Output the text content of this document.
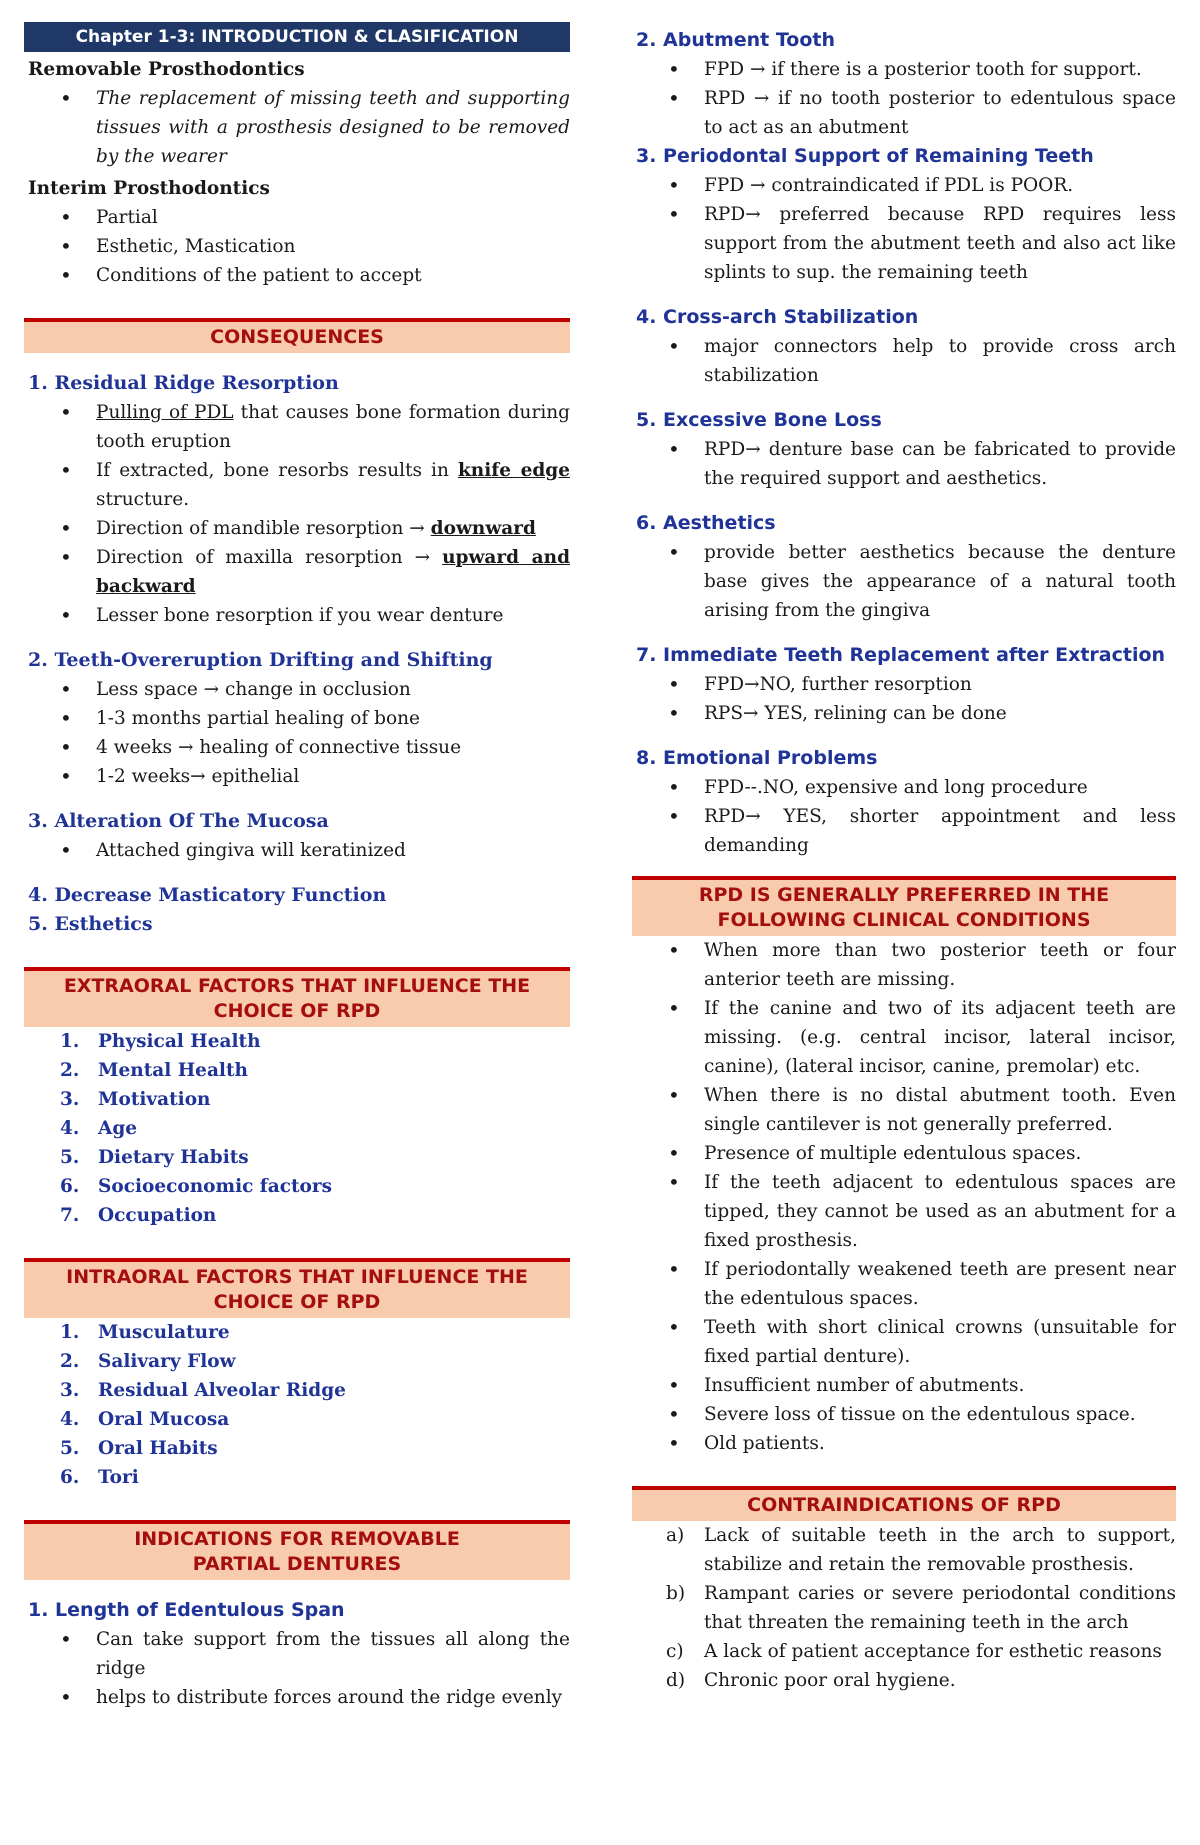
Chapter 1-3: INTRODUCTION & CLASIFICATION
Removable Prosthodontics
• The replacement of missing teeth and supporting tissues with a prosthesis designed to be removed by the wearer
Interim Prosthodontics
• Partial
• Esthetic, Mastication
• Conditions of the patient to accept
CONSEQUENCES
1. Residual Ridge Resorption
• Pulling of PDL that causes bone formation during tooth eruption
• If extracted, bone resorbs results in knife edge structure.
• Direction of mandible resorption → downward
• Direction of maxilla resorption → upward and backward
• Lesser bone resorption if you wear denture
2. Teeth-Overeruption Drifting and Shifting
• Less space → change in occlusion
• 1-3 months partial healing of bone
• 4 weeks → healing of connective tissue
• 1-2 weeks→ epithelial
3. Alteration Of The Mucosa
• Attached gingiva will keratinized
4. Decrease Masticatory Function
5. Esthetics
EXTRAORAL FACTORS THAT INFLUENCE THE CHOICE OF RPD
1. Physical Health
2. Mental Health
3. Motivation
4. Age
5. Dietary Habits
6. Socioeconomic factors
7. Occupation
INTRAORAL FACTORS THAT INFLUENCE THE CHOICE OF RPD
1. Musculature
2. Salivary Flow
3. Residual Alveolar Ridge
4. Oral Mucosa
5. Oral Habits
6. Tori
INDICATIONS FOR REMOVABLE
PARTIAL DENTURES
1. Length of Edentulous Span
• Can take support from the tissues all along the ridge
• helps to distribute forces around the ridge evenly
2. Abutment Tooth
• FPD → if there is a posterior tooth for support.
• RPD → if no tooth posterior to edentulous space to act as an abutment
3. Periodontal Support of Remaining Teeth
• FPD → contraindicated if PDL is POOR.
• RPD→ preferred because RPD requires less support from the abutment teeth and also act like splints to sup. the remaining teeth
4. Cross-arch Stabilization
• major connectors help to provide cross arch stabilization
5. Excessive Bone Loss
• RPD→ denture base can be fabricated to provide the required support and aesthetics.
6. Aesthetics
• provide better aesthetics because the denture base gives the appearance of a natural tooth arising from the gingiva
7. Immediate Teeth Replacement after Extraction
• FPD→NO, further resorption
• RPS→ YES, relining can be done
8. Emotional Problems
• FPD--.NO, expensive and long procedure
• RPD→ YES, shorter appointment and less demanding
RPD IS GENERALLY PREFERRED IN THE
FOLLOWING CLINICAL CONDITIONS
• When more than two posterior teeth or four anterior teeth are missing.
• If the canine and two of its adjacent teeth are missing. (e.g. central incisor, lateral incisor, canine), (lateral incisor, canine, premolar) etc.
• When there is no distal abutment tooth. Even single cantilever is not generally preferred.
• Presence of multiple edentulous spaces.
• If the teeth adjacent to edentulous spaces are tipped, they cannot be used as an abutment for a fixed prosthesis.
• If periodontally weakened teeth are present near the edentulous spaces.
• Teeth with short clinical crowns (unsuitable for fixed partial denture).
• Insufficient number of abutments.
• Severe loss of tissue on the edentulous space.
• Old patients.
CONTRAINDICATIONS OF RPD
a) Lack of suitable teeth in the arch to support, stabilize and retain the removable prosthesis.
b) Rampant caries or severe periodontal conditions that threaten the remaining teeth in the arch
c) A lack of patient acceptance for esthetic reasons
d) Chronic poor oral hygiene.
